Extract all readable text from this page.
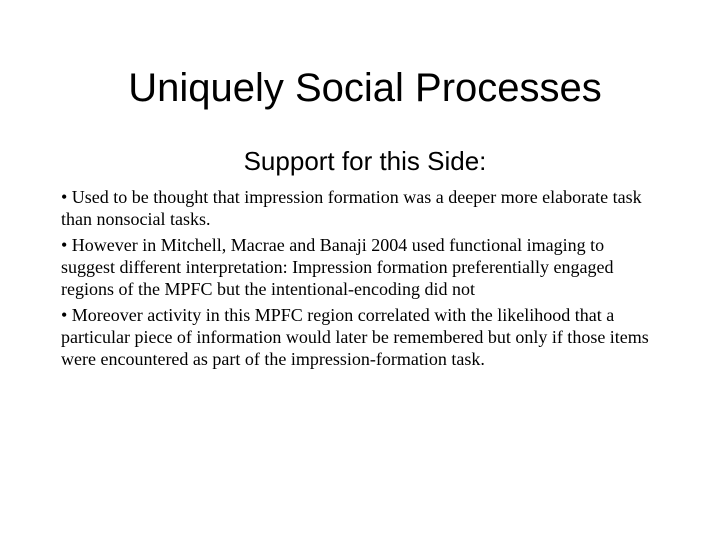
Uniquely Social Processes
Support for this Side:
• Used to be thought that impression formation was a deeper more elaborate task than nonsocial tasks.
• However in Mitchell, Macrae and Banaji 2004 used functional imaging to suggest different interpretation: Impression formation preferentially engaged regions of the MPFC but the intentional-encoding did not
• Moreover activity in this MPFC region correlated with the likelihood that a particular piece of information would later be remembered but only if those items were encountered as part of the impression-formation task.
